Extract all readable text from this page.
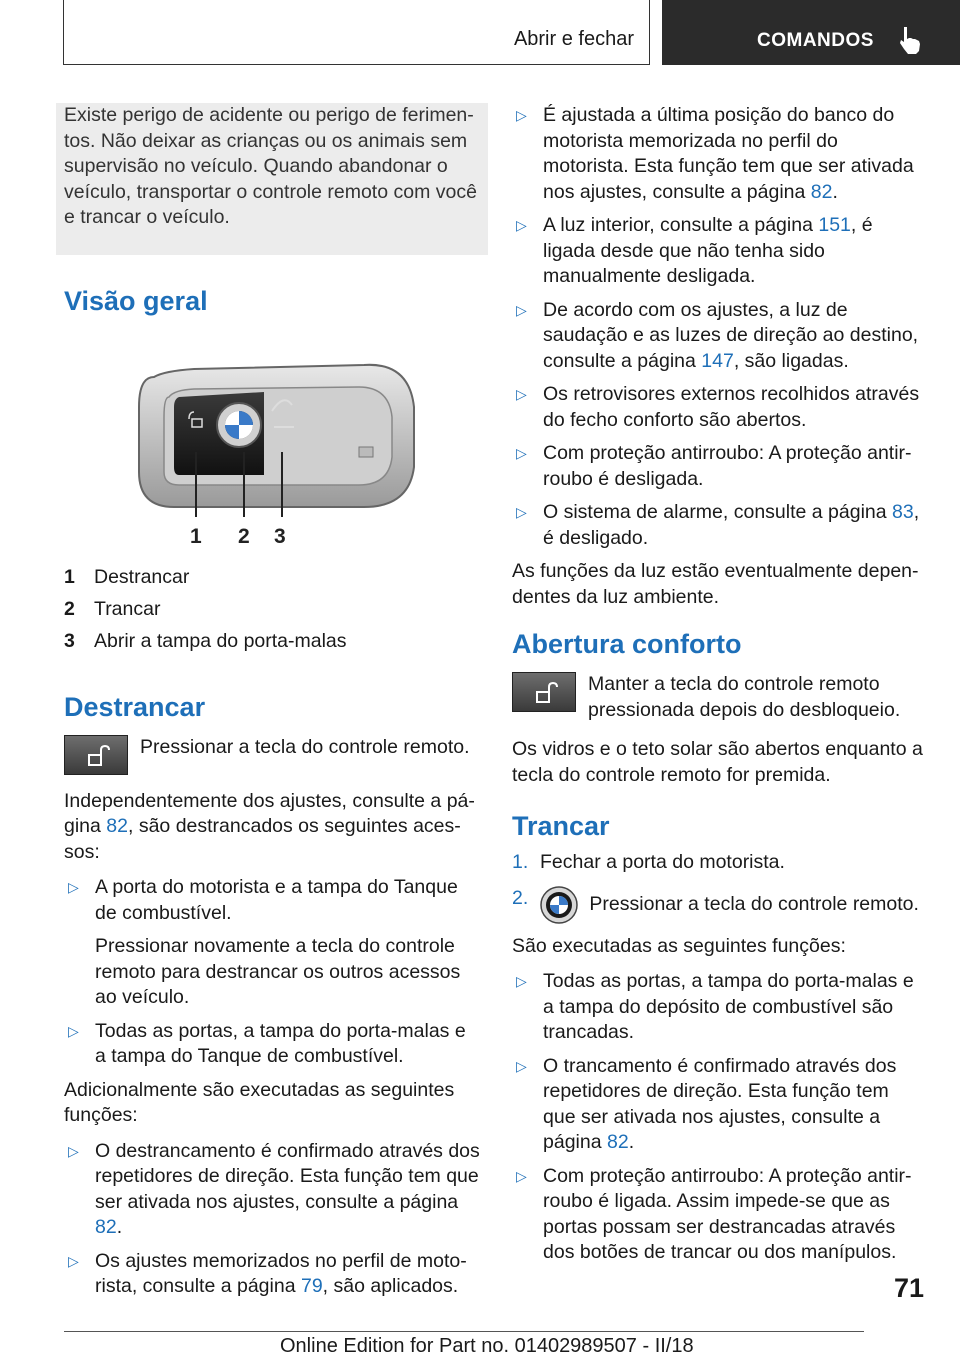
Abrir e fechar	COMANDOS

Existe perigo de acidente ou perigo de ferimentos. Não deixar as crianças ou os animais sem supervisão no veículo. Quando abandonar o veículo, transportar o controle remoto com você e trancar o veículo.

Visão geral
1 2 3
1 Destrancar
2 Trancar
3 Abrir a tampa do porta-malas
Destrancar
Pressionar a tecla do controle remoto.

Independentemente dos ajustes, consulte a página 82, são destrancados os seguintes acessos:

▷ A porta do motorista e a tampa do Tanque de combustível.
Pressionar novamente a tecla do controle remoto para destrancar os outros acessos ao veículo.
▷ Todas as portas, a tampa do porta-malas e a tampa do Tanque de combustível.

Adicionalmente são executadas as seguintes funções:

▷ O destrancamento é confirmado através dos repetidores de direção. Esta função tem que ser ativada nos ajustes, consulte a página 82.
▷ Os ajustes memorizados no perfil de motorista, consulte a página 79, são aplicados.
▷ É ajustada a última posição do banco do motorista memorizada no perfil do motorista. Esta função tem que ser ativada nos ajustes, consulte a página 82.
▷ A luz interior, consulte a página 151, é ligada desde que não tenha sido manualmente desligada.
▷ De acordo com os ajustes, a luz de saudação e as luzes de direção ao destino, consulte a página 147, são ligadas.
▷ Os retrovisores externos recolhidos através do fecho conforto são abertos.
▷ Com proteção antirroubo: A proteção antirroubo é desligada.
▷ O sistema de alarme, consulte a página 83, é desligado.

As funções da luz estão eventualmente dependentes da luz ambiente.

Abertura conforto
Manter a tecla do controle remoto pressionada depois do desbloqueio.

Os vidros e o teto solar são abertos enquanto a tecla do controle remoto for premida.

Trancar
1. Fechar a porta do motorista.
2.	Pressionar a tecla do controle remoto.

São executadas as seguintes funções:

▷ Todas as portas, a tampa do porta-malas e a tampa do depósito de combustível são trancadas.
▷ O trancamento é confirmado através dos repetidores de direção. Esta função tem que ser ativada nos ajustes, consulte a página 82.
▷ Com proteção antirroubo: A proteção antirroubo é ligada. Assim impede-se que as portas possam ser destrancadas através dos botões de trancar ou dos manípulos.
71
Online Edition for Part no. 01402989507 - II/18
